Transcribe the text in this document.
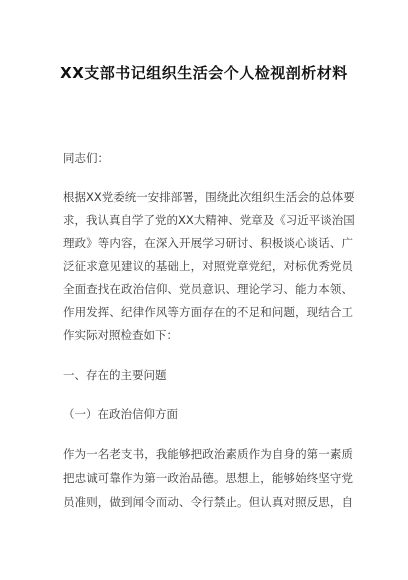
XX支部书记组织生活会个人检视剖析材料

同志们：

根据XX党委统一安排部署，围绕此次组织生活会的总体要

求，我认真自学了党的XX大精神、党章及《习近平谈治国

理政》等内容，在深入开展学习研讨、积极谈心谈话、广

泛征求意见建议的基础上，对照党章党纪，对标优秀党员

全面查找在政治信仰、党员意识、理论学习、能力本领、

作用发挥、纪律作风等方面存在的不足和问题，现结合工

作实际对照检查如下：

一、存在的主要问题

（一）在政治信仰方面

作为一名老支书，我能够把政治素质作为自身的第一素质

把忠诚可靠作为第一政治品德。思想上，能够始终坚守党

员准则，做到闻令而动、令行禁止。但认真对照反思，自
